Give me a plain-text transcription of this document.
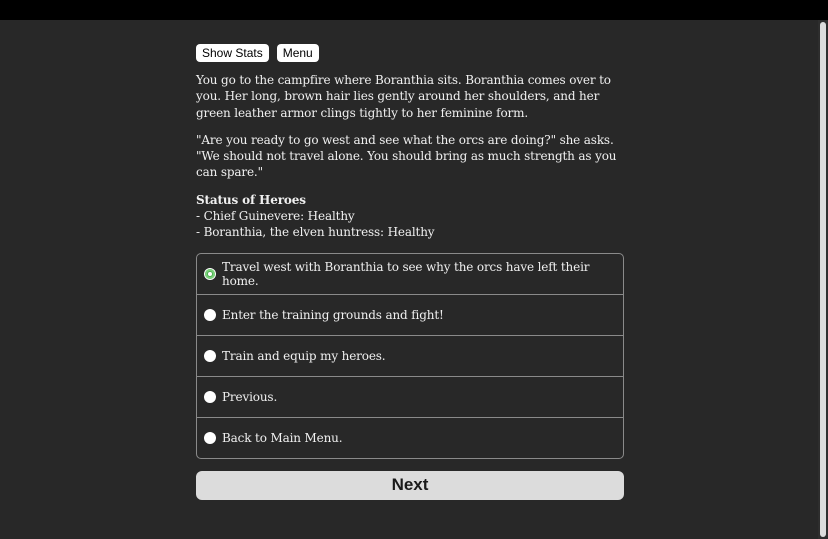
Show Stats	Menu

You go to the campfire where Boranthia sits. Boranthia comes over to you. Her long, brown hair lies gently around her shoulders, and her green leather armor clings tightly to her feminine form.

"Are you ready to go west and see what the orcs are doing?" she asks. "We should not travel alone. You should bring as much strength as you can spare."

Status of Heroes
- Chief Guinevere: Healthy
- Boranthia, the elven huntress: Healthy
Travel west with Boranthia to see why the orcs have left their home.
Enter the training grounds and fight!
Train and equip my heroes.
Previous.
Back to Main Menu.
Next
